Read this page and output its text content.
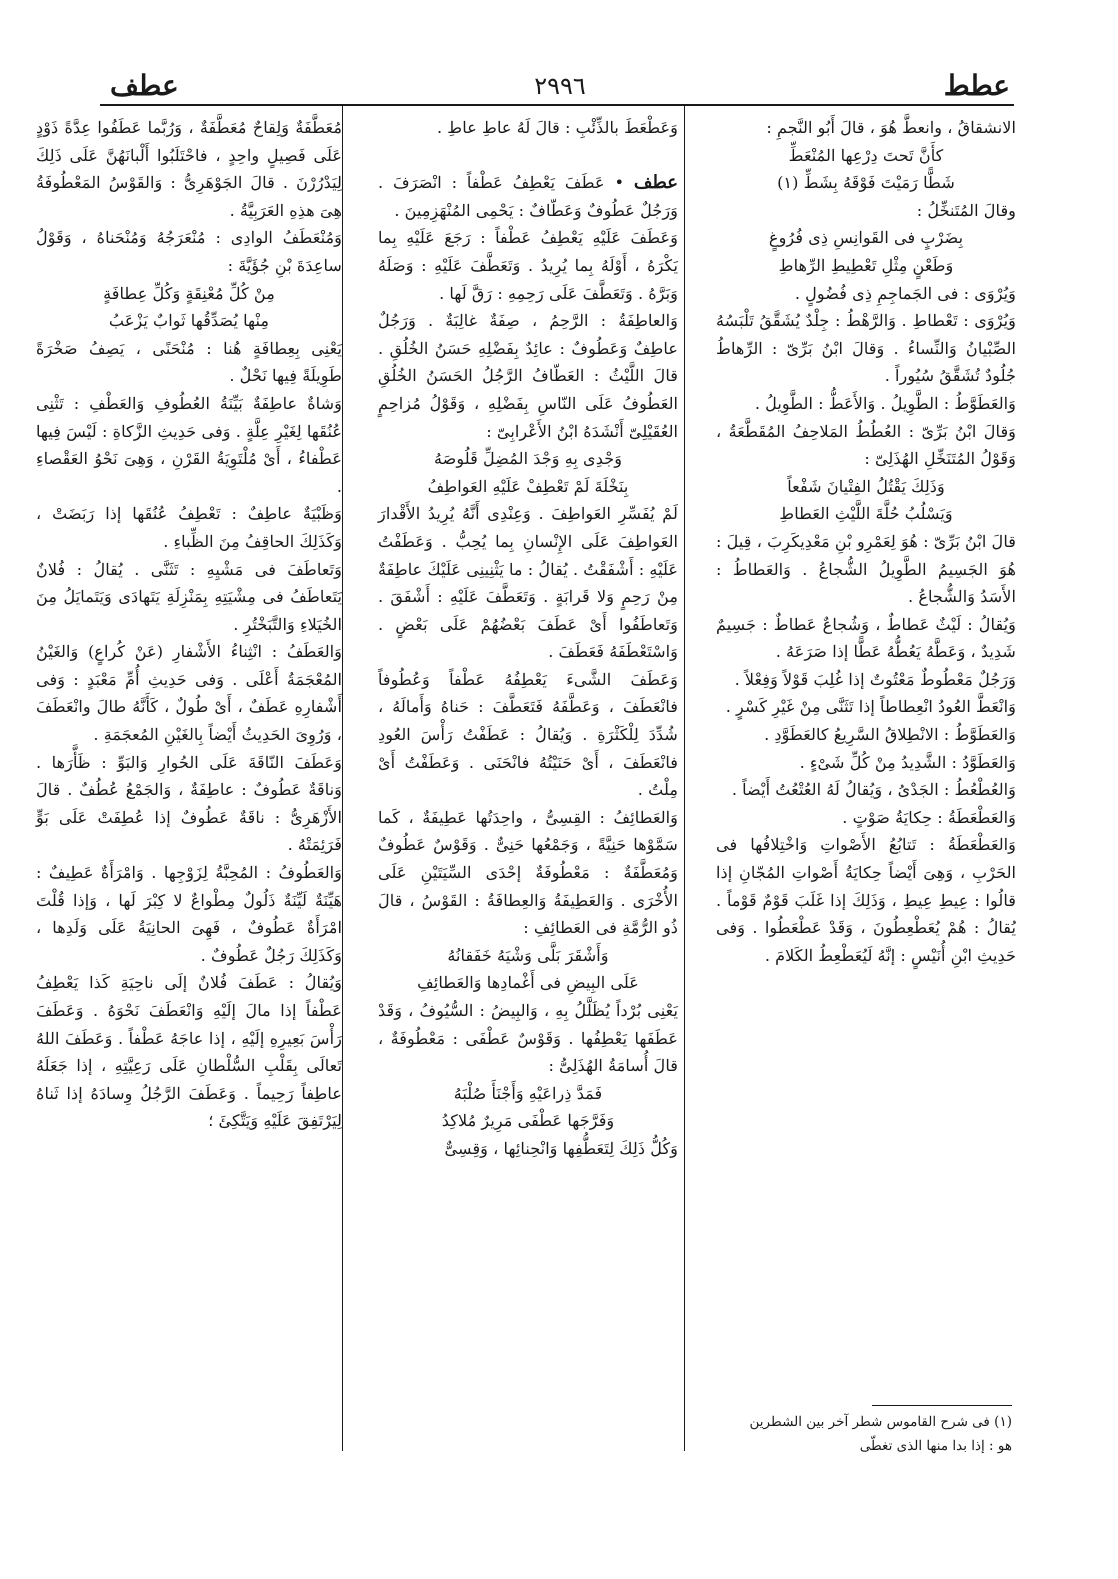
عطط
٢٩٩٦
عطف

الانشقاقُ ، وانعطَّ هُوَ ، قالَ أَبُو النَّجمِ :

كأَنَّ تَحتَ دِرْعِها المُنْعَطِّ

شَطًّا رَمَيْتَ فَوْقَهُ بِشَطِّ (١)

وقالَ المُتَنخِّلُ :

بِضَرْبٍ فى القَوانِسِ ذِى فُرُوغٍ

وَطَعْنٍ مِثْلِ تَعْطِيطِ الرِّهاطِ

وَيُرْوَى : فى الجَماجِمِ ذِى فُضُولٍ .

وَيُرْوَى : تَعْطاطِ . وَالرَّهْطُ : جِلْدٌ يُشَقَّقُ تَلْبَسُهُ الصِّبْيانُ وَالنِّساءُ . وَقالَ ابْنُ بَرِّىّ : الرِّهاطُ جُلُودٌ تُشَقَّقُ سُيُوراً .

وَالعَطَوَّطُ : الطَّوِيلُ . وَالأَعَطُّ : الطَّوِيلُ .

وَقالَ ابْنُ بَرِّىّ : العُطُطُ المَلاحِفُ المُقَطَّعَةُ ، وَقَوْلُ المُتَنَخِّلِ الهُذَلِىّ :

وَذَلِكَ يَقْتُلُ الفِتْيانَ شَفْعاً

وَيَسْلُبُ حُلَّةَ اللَّيْثِ العَطاطِ

قالَ ابْنُ بَرِّىّ : هُوَ لِعَمْرِو بْنِ مَعْدِيكَرِبَ ، قِيلَ : هُوَ الجَسِيمُ الطَّوِيلُ الشُّجاعُ . وَالعَطاطُ : الأَسَدُ وَالشُّجاعُ .

وَيُقالُ : لَيْثٌ عَطاطٌ ، وَشُجاعٌ عَطاطٌ : جَسِيمٌ شَدِيدٌ ، وَعَطَّهُ يَعُطُّهُ عَطًّا إذا صَرَعَهُ .

وَرَجُلٌ مَعْطُوطٌ مَعْتُوتٌ إذا غُلِبَ قَوْلاً وَفِعْلاً .

وَانْعَطَّ العُودُ انْعِطاطاً إذا تَثَنَّى مِنْ غَيْرِ كَسْرٍ .

وَالعَطَوَّطُ : الانْطِلاقُ السَّرِيعُ كالعَطَوَّدِ .

وَالعَطَوَّدُ : الشَّدِيدُ مِنْ كُلِّ شَىْءٍ .

وَالعُطْعُطُ : الجَدْىُ ، وَيُقالُ لَهُ العُتْعُتُ أَيْضاً .

وَالعَطْعَطَةُ : حِكايَةُ صَوْتٍ .

وَالعَطْعَطَةُ : تَتابُعُ الأَصْواتِ وَاخْتِلافُها فى الحَرْبِ ، وَهِىَ أَيْضاً حِكايَةُ أَصْواتِ المُجّانِ إذا قالُوا : عِيطِ عِيطِ ، وَذَلِكَ إذا غَلَبَ قَوْمٌ قَوْماً . يُقالُ : هُمْ يُعَطْعِطُونَ ، وَقَدْ عَطْعَطُوا . وَفى حَدِيثِ ابْنِ أُنَيْسٍ : إنَّهُ لَيُعَطْعِطُ الكَلامَ .

(١) فى شرح القاموس شطر آخر بين الشطرين

هو : إذا بدا منها الذى تغطّى

وَعَطْعَطَ بالذِّئْبِ : قالَ لَهُ عاطِ عاطِ .

عطف • عَطَفَ يَعْطِفُ عَطْفاً : انْصَرَفَ . وَرَجُلٌ عَطُوفٌ وَعَطّافٌ : يَحْمِى المُنْهَزِمِينَ .

وَعَطَفَ عَلَيْهِ يَعْطِفُ عَطْفاً : رَجَعَ عَلَيْهِ بِما يَكْرَهُ ، أَوْلَهُ بِما يُرِيدُ . وَتَعَطَّفَ عَلَيْهِ : وَصَلَهُ وَبَرَّهُ . وَتَعَطَّفَ عَلَى رَحِمِهِ : رَقَّ لَها .

وَالعاطِفَةُ : الرَّحِمُ ، صِفَةٌ غالِبَةٌ . وَرَجُلٌ عاطِفٌ وَعَطُوفٌ : عائِدٌ بِفَضْلِهِ حَسَنُ الخُلُقِ . قالَ اللَّيْثُ : العَطّافُ الرَّجُلُ الحَسَنُ الخُلُقِ العَطُوفُ عَلَى النّاسِ بِفَضْلِهِ ، وَقَوْلُ مُزاحِمٍ العُقَيْلِىّ أَنْشَدَهُ ابْنُ الأَعْرابِىّ :

وَجْدِى بِهِ وَجْدَ المُضِلِّ قَلُوصَهُ

بِنَخْلَةَ لَمْ تَعْطِفْ عَلَيْهِ العَواطِفُ

لَمْ يُفَسِّرِ العَواطِفَ . وَعِنْدِى أَنَّهُ يُرِيدُ الأَقْدارَ العَواطِفَ عَلَى الإِنْسانِ بِما يُحِبُّ . وَعَطَفْتُ عَلَيْهِ : أَشْفَقْتُ . يُقالُ : ما يَثْنِينِى عَلَيْكَ عاطِفَةٌ مِنْ رَحِمٍ وَلا قَرابَةٍ . وَتَعَطَّفَ عَلَيْهِ : أَشْفَقَ . وَتَعاطَفُوا أَىْ عَطَفَ بَعْضُهُمْ عَلَى بَعْضٍ . وَاسْتَعْطَفَهُ فَعَطَفَ .

وَعَطَفَ الشَّىءَ يَعْطِفُهُ عَطْفاً وَعُطُوفاً فانْعَطَفَ ، وَعَطَّفَهُ فَتَعَطَّفَ : حَناهُ وَأَمالَهُ ، شُدِّدَ لِلْكَثْرَةِ . وَيُقالُ : عَطَفْتُ رَأْسَ العُودِ فانْعَطَفَ ، أَىْ حَنَيْتُهُ فانْحَنَى . وَعَطَفْتُ أَىْ مِلْتُ .

وَالعَطائِفُ : القِسِىُّ ، واحِدَتُها عَطِيفَةٌ ، كَما سَمَّوْها حَنِيَّةً ، وَجَمْعُها حَنِىٌّ . وَقَوْسٌ عَطُوفٌ وَمُعَطَّفَةٌ : مَعْطُوفَةٌ إحْدَى السِّيَتَيْنِ عَلَى الأُخْرَى . وَالعَطِيفَةُ وَالعِطافَةُ : القَوْسُ ، قالَ ذُو الرُّمَّةِ فى العَطائِفِ :

وَأَشْقَرَ بَلَّى وَشْيَهُ خَفَقانُهُ

عَلَى البِيضِ فى أَغْمادِها وَالعَطائِفِ

يَعْنِى بُرْداً يُظَلَّلُ بِهِ ، وَالبِيضُ : السُّيُوفُ ، وَقَدْ عَطَفَها يَعْطِفُها . وَقَوْسٌ عَطْفَى : مَعْطُوفَةٌ ، قالَ أُسامَةُ الهُذَلِىُّ :

فَمَدَّ ذِراعَيْهِ وَأَجْنَأَ صُلْبَهُ

وَفَرَّجَها عَطْفَى مَرِيرٌ مُلاكِدُ

وَكُلُّ ذَلِكَ لِتَعَطُّفِها وَانْحِنائِها ، وَقِسِىٌّ

مُعَطَّفَةٌ وَلِقاحٌ مُعَطَّفَةٌ ، وَرُبَّما عَطَفُوا عِدَّةً ذَوْدٍ عَلَى فَصِيلٍ واحِدٍ ، فاحْتَلَبُوا أَلْبانَهُنَّ عَلَى ذَلِكَ لِيَدْرُرْنَ . قالَ الجَوْهَرِىُّ : وَالقَوْسُ المَعْطُوفَةُ هِىَ هذِهِ العَرَبِيَّةُ .

وَمُنْعَطَفُ الوادِى : مُنْعَرَجُهُ وَمُنْحَناهُ ، وَقَوْلُ ساعِدَةَ بْنِ جُؤَيَّةَ :

مِنْ كُلِّ مُعْنِقَةٍ وَكُلِّ عِطافَةٍ

مِنْها يُصَدِّقُها ثَوابٌ يَزْعَبُ

يَعْنِى بِعِطافَةٍ هُنا : مُنْحَنًى ، يَصِفُ صَخْرَةً طَوِيلَةً فِيها نَحْلٌ .

وَشاةٌ عاطِفَةٌ بَيِّنَةُ العُطُوفِ وَالعَطْفِ : تَثْنِى عُنُقَها لِغَيْرِ عِلَّةٍ . وَفى حَدِيثِ الزَّكاةِ : لَيْسَ فِيها عَطْفاءُ ، أَىْ مُلْتَوِيَةُ القَرْنِ ، وَهِىَ نَحْوُ العَقْصاءِ .

وَظَبْيَةٌ عاطِفٌ : تَعْطِفُ عُنُقَها إذا رَبَضَتْ ، وَكَذَلِكَ الحاقِفُ مِنَ الظِّباءِ .

وَتَعاطَفَ فى مَشْيِهِ : تَثَنَّى . يُقالُ : فُلانٌ يَتَعاطَفُ فى مِشْيَتِهِ بِمَنْزِلَةِ يَتَهادَى وَيَتَمايَلُ مِنَ الخُيَلاءِ وَالتَّبَخْتُرِ .

وَالعَطَفُ : انْثِناءُ الأَشْفارِ (عَنْ كُراعٍ) وَالغَيْنُ المُعْجَمَةُ أَعْلَى . وَفى حَدِيثِ أُمِّ مَعْبَدٍ : وَفى أَشْفارِهِ عَطَفٌ ، أَىْ طُولٌ ، كَأَنَّهُ طالَ وانْعَطَفَ ، وَرُوِىَ الحَدِيثُ أَيْضاً بِالغَيْنِ المُعجَمَةِ .

وَعَطَفَ النّاقَةَ عَلَى الحُوارِ وَالبَوِّ : ظَأَّرَها . وَناقَةٌ عَطُوفٌ : عاطِفَةٌ ، وَالجَمْعُ عُطُفٌ . قالَ الأَزْهَرِىُّ : ناقَةٌ عَطُوفٌ إذا عُطِفَتْ عَلَى بَوٍّ فَرَئِمَتْهُ .

وَالعَطُوفُ : المُحِبَّةُ لِزَوْجِها . وَامْرَأَةٌ عَطِيفٌ : هَيِّنَةٌ لَيِّنَةٌ ذَلُولٌ مِطْواعٌ لا كِبْرَ لَها ، وَإذا قُلْتَ امْرَأَةٌ عَطُوفٌ ، فَهِىَ الحانِيَةُ عَلَى وَلَدِها ، وَكَذَلِكَ رَجُلٌ عَطُوفٌ .

وَيُقالُ : عَطَفَ فُلانٌ إلَى ناحِيَةِ كَذا يَعْطِفُ عَطْفاً إذا مالَ إلَيْهِ وَانْعَطَفَ نَحْوَهُ . وَعَطَفَ رَأْسَ بَعِيرِهِ إلَيْهِ ، إذا عاجَهُ عَطْفاً . وَعَطَفَ اللهُ تَعالَى بِقَلْبِ السُّلْطانِ عَلَى رَعِيَّتِهِ ، إذا جَعَلَهُ عاطِفاً رَحِيماً . وَعَطَفَ الرَّجُلُ وِسادَهُ إذا ثَناهُ لِيَرْتَفِقَ عَلَيْهِ وَيَتَّكِئَ ؛
